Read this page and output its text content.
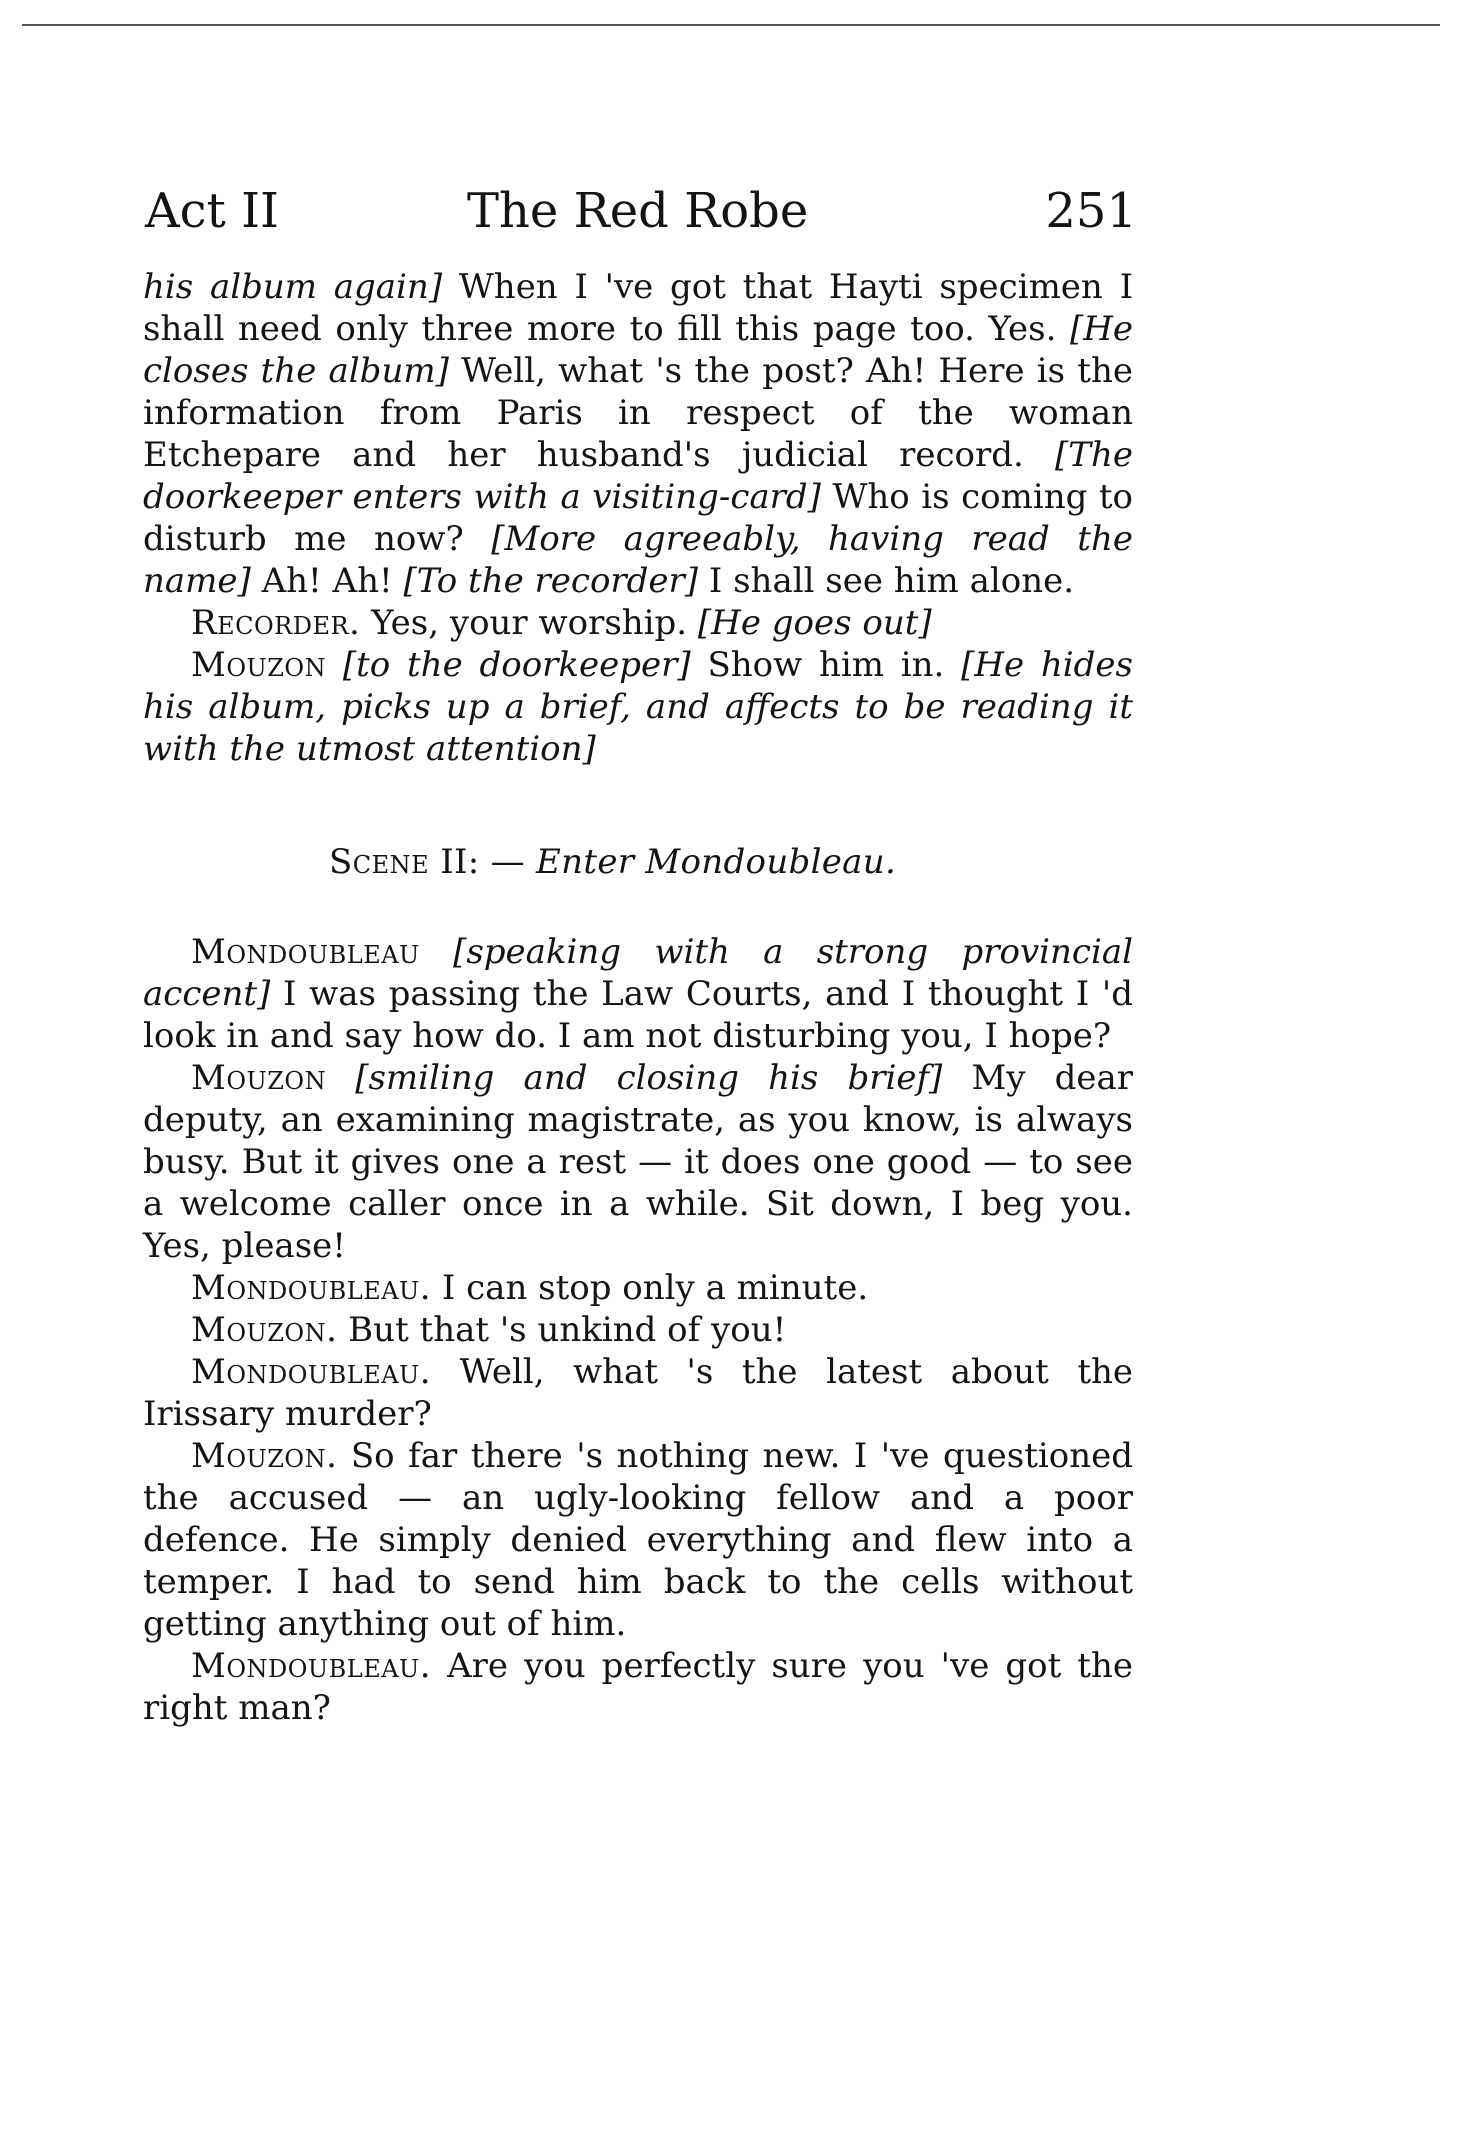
Act II	The Red Robe	251

his album again] When I 've got that Hayti specimen I shall need only three more to fill this page too. Yes. [He closes the album] Well, what 's the post? Ah! Here is the information from Paris in respect of the woman Etchepare and her husband's judicial record. [The doorkeeper enters with a visiting-card] Who is coming to disturb me now? [More agreeably, having read the name] Ah! Ah! [To the recorder] I shall see him alone.

Recorder. Yes, your worship. [He goes out]

Mouzon [to the doorkeeper] Show him in. [He hides his album, picks up a brief, and affects to be reading it with the utmost attention]

Scene II: — Enter Mondoubleau.

Mondoubleau [speaking with a strong provincial accent] I was passing the Law Courts, and I thought I 'd look in and say how do. I am not disturbing you, I hope?

Mouzon [smiling and closing his brief] My dear deputy, an examining magistrate, as you know, is always busy. But it gives one a rest — it does one good — to see a welcome caller once in a while. Sit down, I beg you. Yes, please!

Mondoubleau. I can stop only a minute.

Mouzon. But that 's unkind of you!

Mondoubleau. Well, what 's the latest about the Irissary murder?

Mouzon. So far there 's nothing new. I 've questioned the accused — an ugly-looking fellow and a poor defence. He simply denied everything and flew into a temper. I had to send him back to the cells without getting anything out of him.

Mondoubleau. Are you perfectly sure you 've got the right man?
